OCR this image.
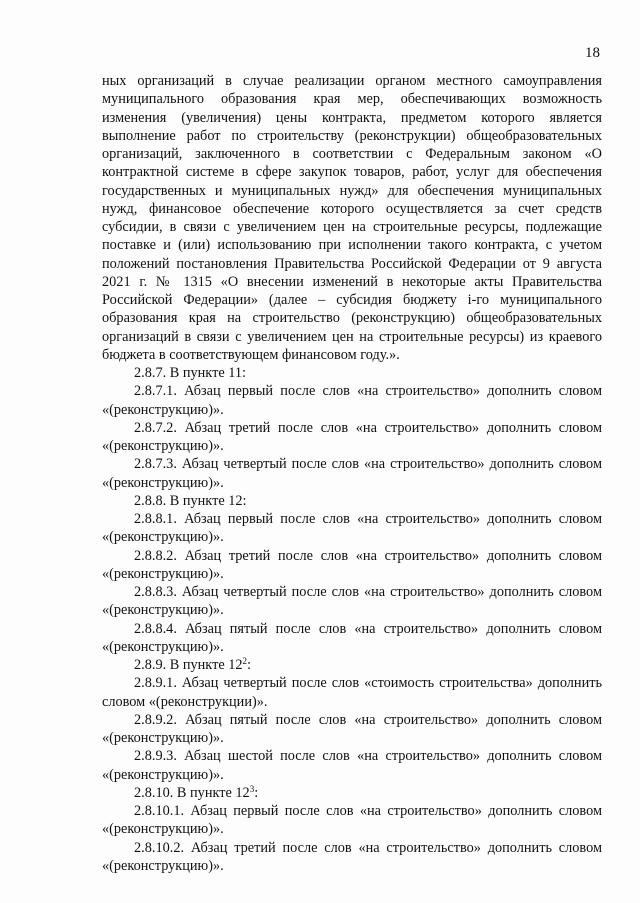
18

ных организаций в случае реализации органом местного самоуправления муниципального образования края мер, обеспечивающих возможность изменения (увеличения) цены контракта, предметом которого является выполнение работ по строительству (реконструкции) общеобразовательных организаций, заключенного в соответствии с Федеральным законом «О контрактной системе в сфере закупок товаров, работ, услуг для обеспечения государственных и муниципальных нужд» для обеспечения муниципальных нужд, финансовое обеспечение которого осуществляется за счет средств субсидии, в связи с увеличением цен на строительные ресурсы, подлежащие поставке и (или) использованию при исполнении такого контракта, с учетом положений постановления Правительства Российской Федерации от 9 августа 2021 г. № 1315 «О внесении изменений в некоторые акты Правительства Российской Федерации» (далее – субсидия бюджету i-го муниципального образования края на строительство (реконструкцию) общеобразовательных организаций в связи с увеличением цен на строительные ресурсы) из краевого бюджета в соответствующем финансовом году.».

2.8.7. В пункте 11:

2.8.7.1. Абзац первый после слов «на строительство» дополнить словом «(реконструкцию)».

2.8.7.2. Абзац третий после слов «на строительство» дополнить словом «(реконструкцию)».

2.8.7.3. Абзац четвертый после слов «на строительство» дополнить словом «(реконструкцию)».

2.8.8. В пункте 12:

2.8.8.1. Абзац первый после слов «на строительство» дополнить словом «(реконструкцию)».

2.8.8.2. Абзац третий после слов «на строительство» дополнить словом «(реконструкцию)».

2.8.8.3. Абзац четвертый после слов «на строительство» дополнить словом «(реконструкцию)».

2.8.8.4. Абзац пятый после слов «на строительство» дополнить словом «(реконструкцию)».

2.8.9. В пункте $12^2$:

2.8.9.1. Абзац четвертый после слов «стоимость строительства» дополнить словом «(реконструкции)».

2.8.9.2. Абзац пятый после слов «на строительство» дополнить словом «(реконструкцию)».

2.8.9.3. Абзац шестой после слов «на строительство» дополнить словом «(реконструкцию)».

2.8.10. В пункте $12^3$:

2.8.10.1. Абзац первый после слов «на строительство» дополнить словом «(реконструкцию)».

2.8.10.2. Абзац третий после слов «на строительство» дополнить словом «(реконструкцию)».
